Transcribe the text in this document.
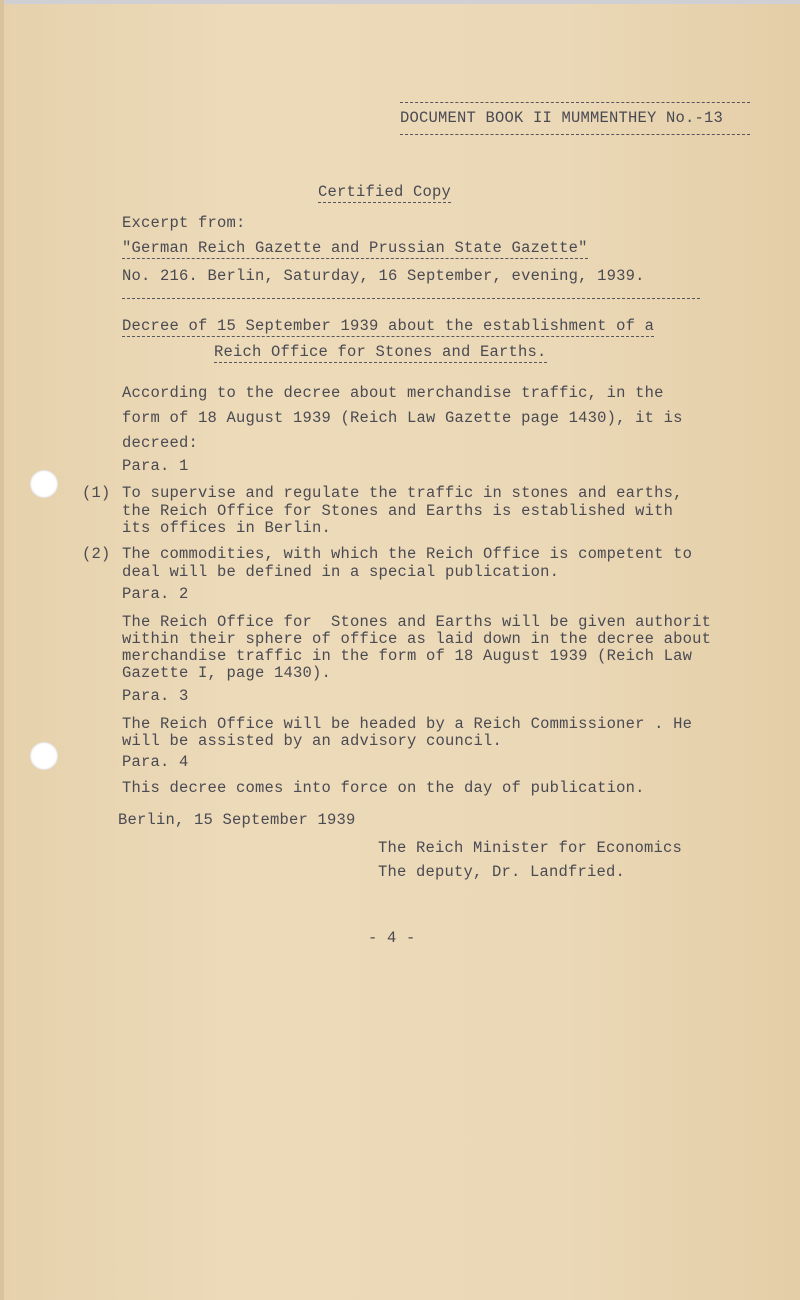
DOCUMENT BOOK II MUMMENTHEY No.-13
Certified Copy
Excerpt from:
"German Reich Gazette and Prussian State Gazette"
No. 216. Berlin, Saturday, 16 September, evening, 1939.
Decree of 15 September 1939 about the establishment of a
Reich Office for Stones and Earths.
According to the decree about merchandise traffic, in the
form of 18 August 1939 (Reich Law Gazette page 1430), it is
decreed:
Para. 1
(1) To supervise and regulate the traffic in stones and earths,
the Reich Office for Stones and Earths is established with
its offices in Berlin.
(2) The commodities, with which the Reich Office is competent to
deal will be defined in a special publication.
Para. 2
The Reich Office for  Stones and Earths will be given authorit
within their sphere of office as laid down in the decree about
merchandise traffic in the form of 18 August 1939 (Reich Law
Gazette I, page 1430).
Para. 3
The Reich Office will be headed by a Reich Commissioner . He
will be assisted by an advisory council.
Para. 4
This decree comes into force on the day of publication.
Berlin, 15 September 1939
The Reich Minister for Economics
The deputy, Dr. Landfried.
- 4 -
